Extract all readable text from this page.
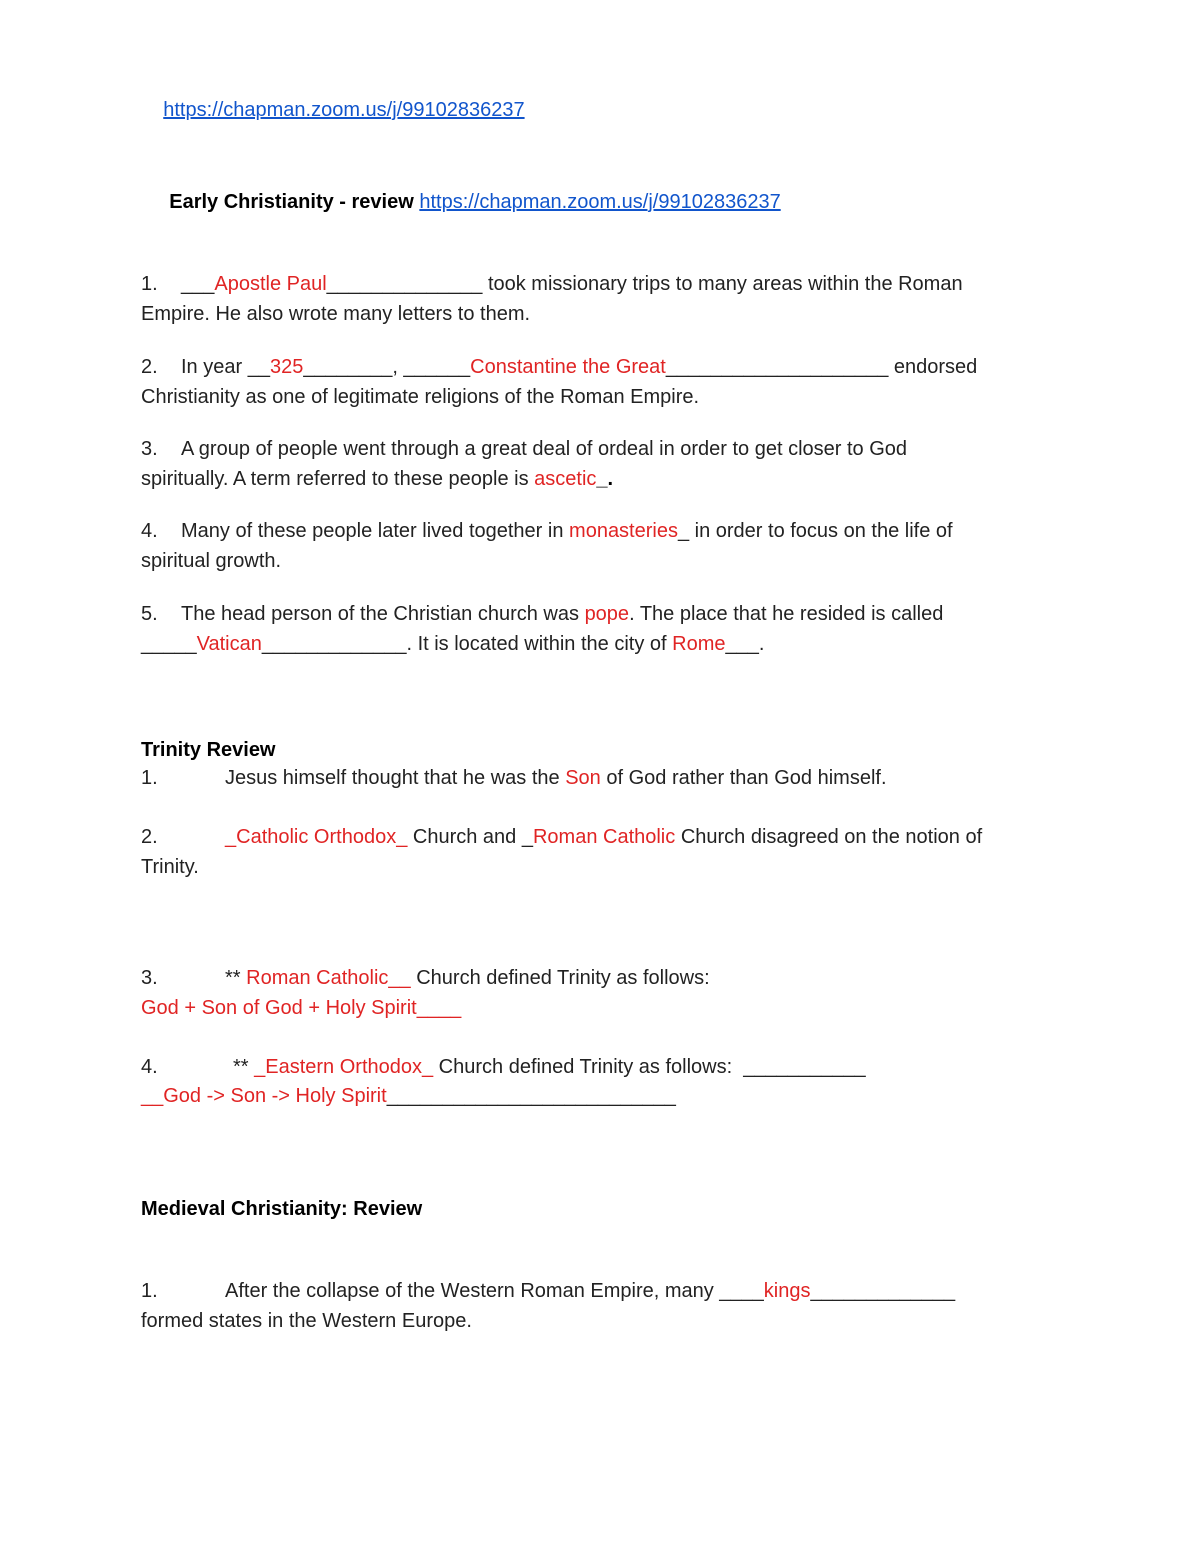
https://chapman.zoom.us/j/99102836237

Early Christianity - review https://chapman.zoom.us/j/99102836237

1. ___Apostle Paul______________ took missionary trips to many areas within the Roman
Empire. He also wrote many letters to them.
2. In year __325________, ______Constantine the Great____________________ endorsed
Christianity as one of legitimate religions of the Roman Empire.
3. A group of people went through a great deal of ordeal in order to get closer to God
spiritually. A term referred to these people is ascetic_.
4. Many of these people later lived together in monasteries_ in order to focus on the life of
spiritual growth.
5. The head person of the Christian church was pope. The place that he resided is called
_____Vatican_____________. It is located within the city of Rome___.
Trinity Review
1.	Jesus himself thought that he was the Son of God rather than God himself.
2.	_Catholic Orthodox_ Church and _Roman Catholic Church disagreed on the notion of
Trinity.
3.	** Roman Catholic__ Church defined Trinity as follows:
God + Son of God + Holy Spirit____
4.	** _Eastern Orthodox_ Church defined Trinity as follows:  ___________
__God -> Son -> Holy Spirit__________________________
Medieval Christianity: Review
1.	After the collapse of the Western Roman Empire, many ____kings_____________
formed states in the Western Europe.
